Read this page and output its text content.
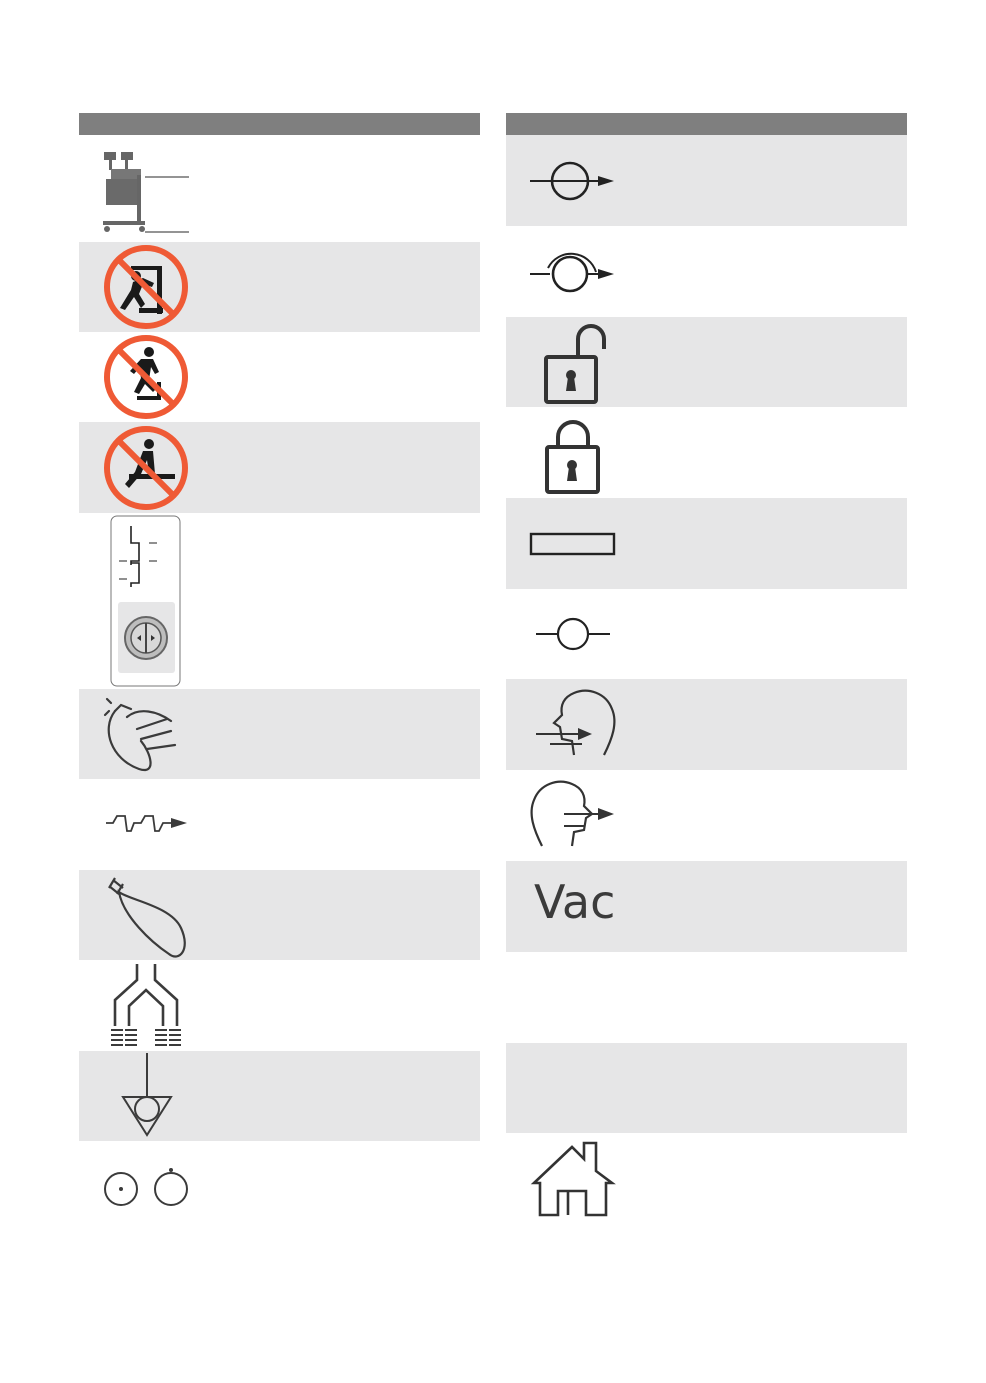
Vac
